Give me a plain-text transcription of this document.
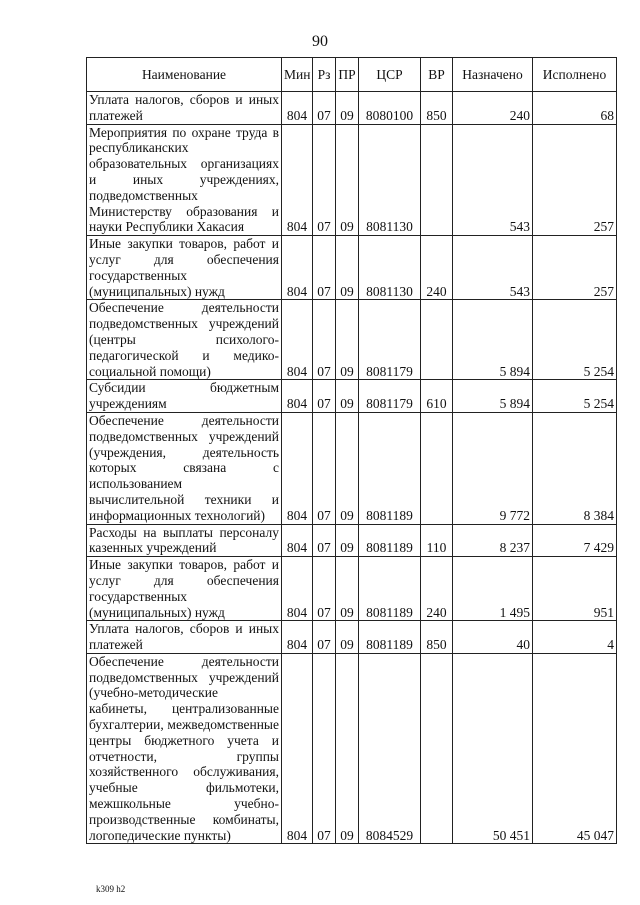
90
Наименование	Мин	Рз	ПР	ЦСР	ВР	Назначено	Исполнено
Уплата налогов, сборов и иных платежей	804	07	09	8080100	850	240	68
Мероприятия по охране труда в республиканских образовательных организациях и иных учреждениях, подведомственных Министерству образования и науки Республики Хакасия	804	07	09	8081130		543	257
Иные закупки товаров, работ и услуг для обеспечения государственных (муниципальных) нужд	804	07	09	8081130	240	543	257
Обеспечение деятельности подведомственных учреждений (центры психолого-педагогической и медико-социальной помощи)	804	07	09	8081179		5 894	5 254
Субсидии бюджетным учреждениям	804	07	09	8081179	610	5 894	5 254
Обеспечение деятельности подведомственных учреждений (учреждения, деятельность которых связана с использованием вычислительной техники и информационных технологий)	804	07	09	8081189		9 772	8 384
Расходы на выплаты персоналу казенных учреждений	804	07	09	8081189	110	8 237	7 429
Иные закупки товаров, работ и услуг для обеспечения государственных (муниципальных) нужд	804	07	09	8081189	240	1 495	951
Уплата налогов, сборов и иных платежей	804	07	09	8081189	850	40	4
Обеспечение деятельности подведомственных учреждений (учебно-методические кабинеты, централизованные бухгалтерии, межведомственные центры бюджетного учета и отчетности, группы хозяйственного обслуживания, учебные фильмотеки, межшкольные учебно-производственные комбинаты, логопедические пункты)	804	07	09	8084529		50 451	45 047
k309 h2
